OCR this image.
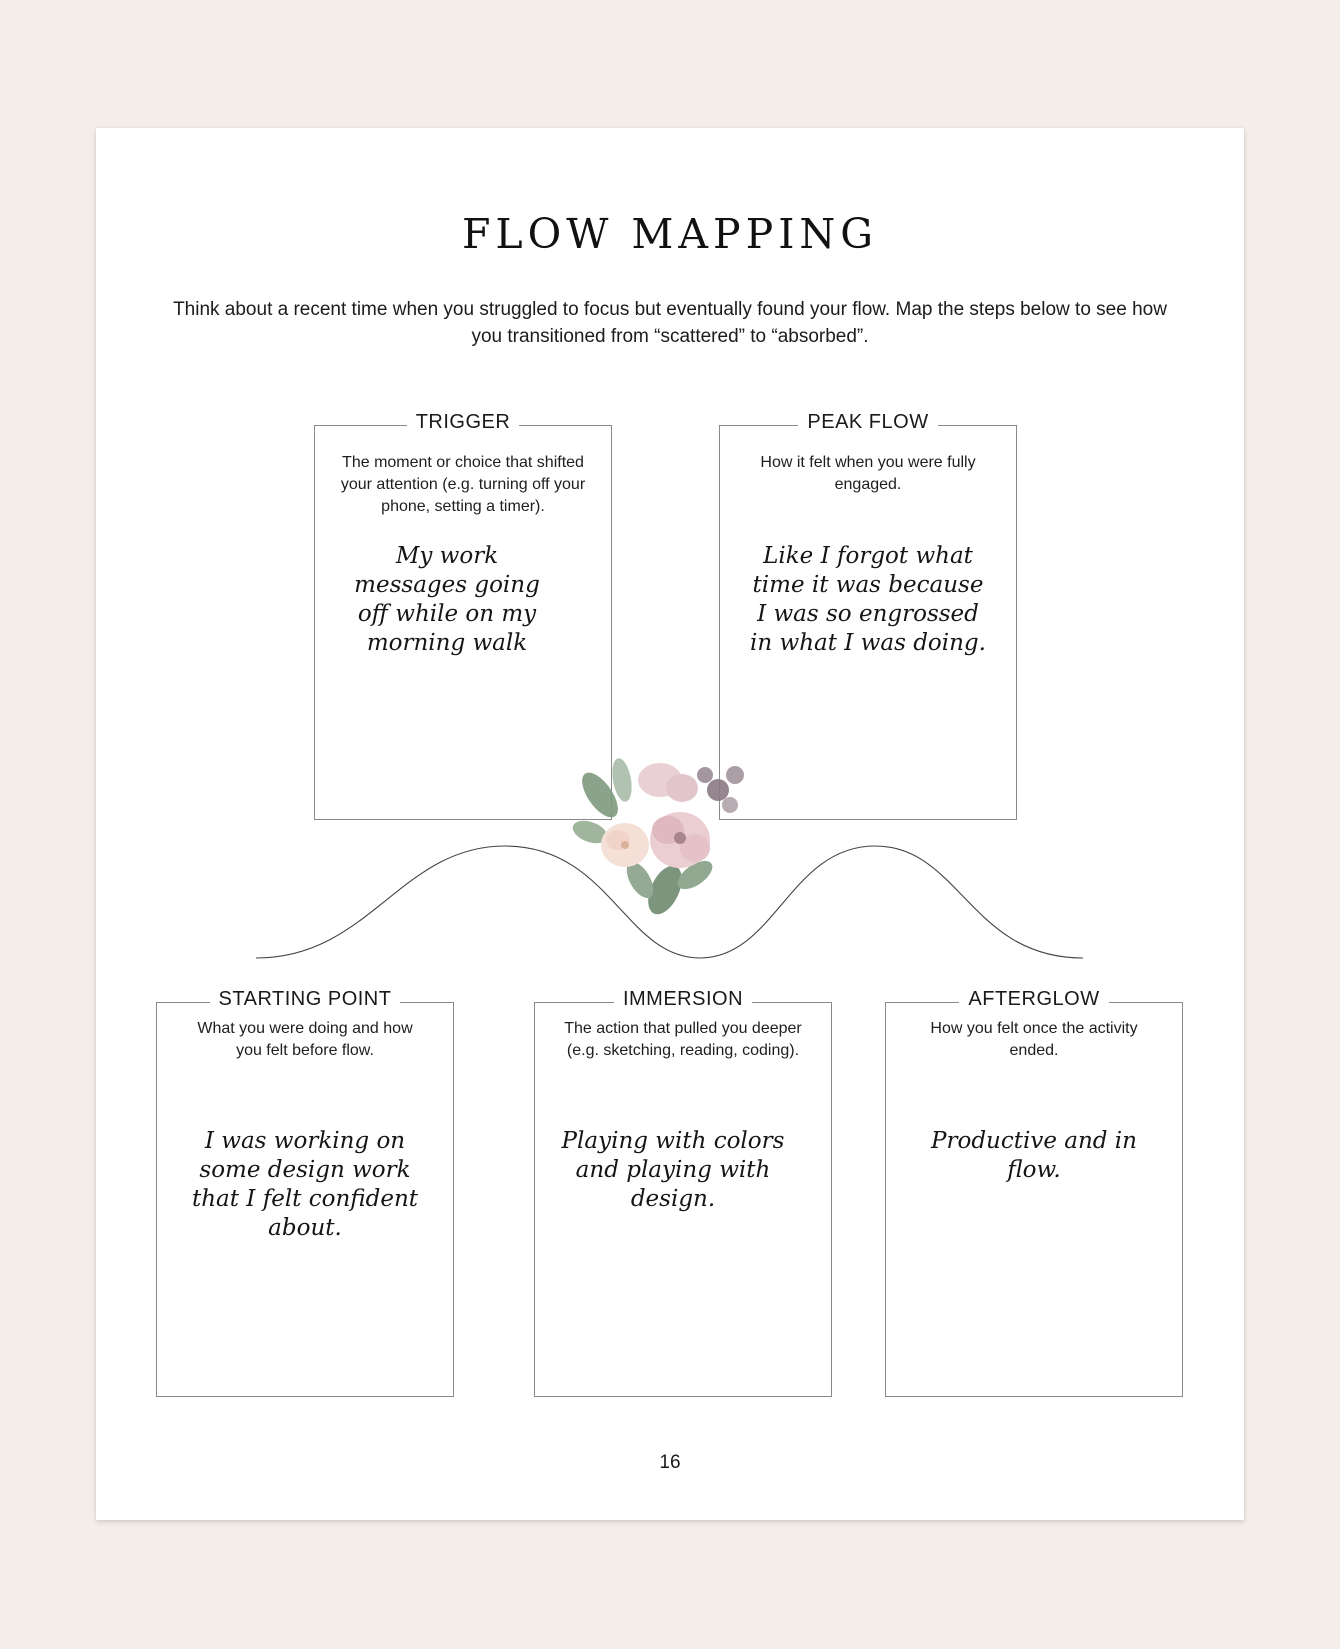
FLOW MAPPING
Think about a recent time when you struggled to focus but eventually found your flow. Map the steps below to see how you transitioned from “scattered” to “absorbed”.
TRIGGER
The moment or choice that shifted your attention (e.g. turning off your phone, setting a timer).
My work messages going off while on my morning walk
PEAK FLOW
How it felt when you were fully engaged.
Like I forgot what time it was because I was so engrossed in what I was doing.
STARTING POINT
What you were doing and how you felt before flow.
I was working on some design work that I felt confident about.
IMMERSION
The action that pulled you deeper (e.g. sketching, reading, coding).
Playing with colors and playing with design.
AFTERGLOW
How you felt once the activity ended.
Productive and in flow.
16
